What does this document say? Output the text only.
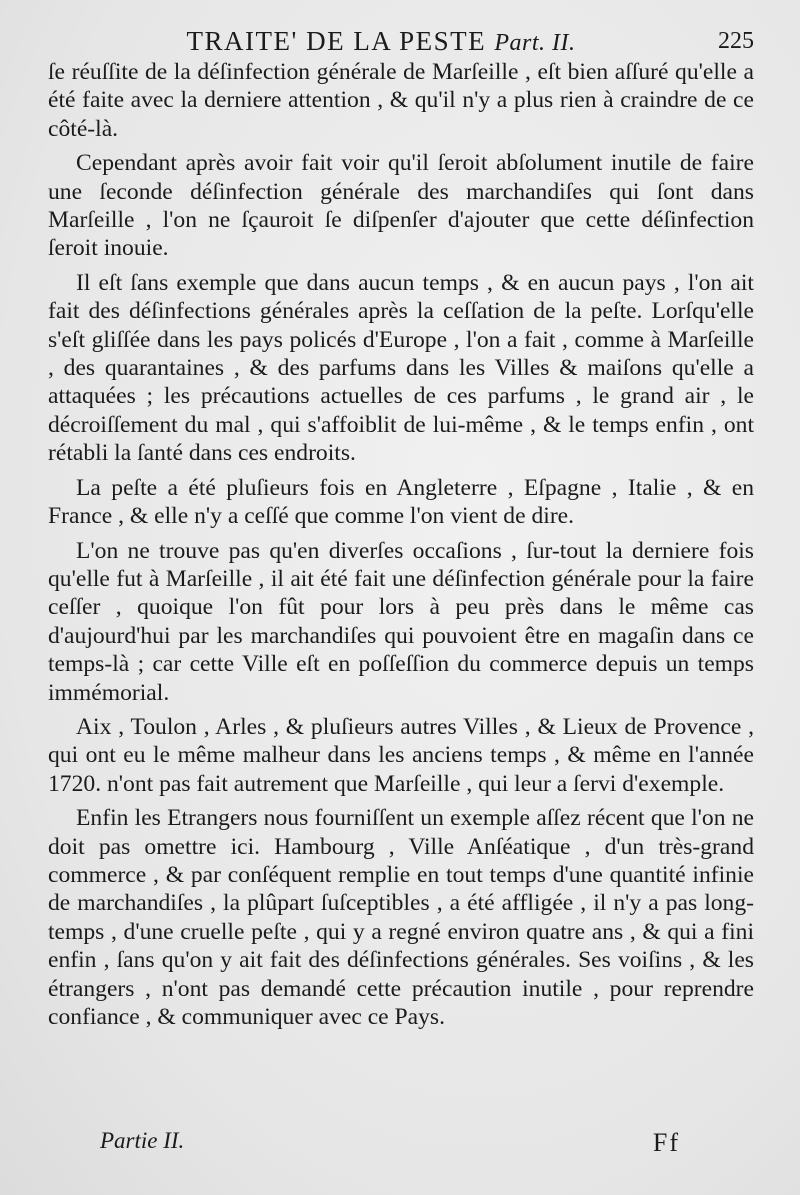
TRAITE' DE LA PESTE Part. II.	225

ſe réuſſite de la déſinfection générale de Marſeille , eſt bien aſſuré qu'elle a été faite avec la derniere attention , & qu'il n'y a plus rien à craindre de ce côté-là.

Cependant après avoir fait voir qu'il ſeroit abſolument inutile de faire une ſeconde déſinfection générale des marchandiſes qui ſont dans Marſeille , l'on ne ſçauroit ſe diſpenſer d'ajouter que cette déſinfection ſeroit inouie.

Il eſt ſans exemple que dans aucun temps , & en aucun pays , l'on ait fait des déſinfections générales après la ceſſation de la peſte. Lorſqu'elle s'eſt gliſſée dans les pays policés d'Europe , l'on a fait , comme à Marſeille , des quarantaines , & des parfums dans les Villes & maiſons qu'elle a attaquées ; les précautions actuelles de ces parfums , le grand air , le décroiſſement du mal , qui s'affoiblit de lui-même , & le temps enfin , ont rétabli la ſanté dans ces endroits.

La peſte a été pluſieurs fois en Angleterre , Eſpagne , Italie , & en France , & elle n'y a ceſſé que comme l'on vient de dire.

L'on ne trouve pas qu'en diverſes occaſions , ſur-tout la derniere fois qu'elle fut à Marſeille , il ait été fait une déſinfection générale pour la faire ceſſer , quoique l'on fût pour lors à peu près dans le même cas d'aujourd'hui par les marchandiſes qui pouvoient être en magaſin dans ce temps-là ; car cette Ville eſt en poſſeſſion du commerce depuis un temps immémorial.

Aix , Toulon , Arles , & pluſieurs autres Villes , & Lieux de Provence , qui ont eu le même malheur dans les anciens temps , & même en l'année 1720. n'ont pas fait autrement que Marſeille , qui leur a ſervi d'exemple.

Enfin les Etrangers nous fourniſſent un exemple aſſez récent que l'on ne doit pas omettre ici. Hambourg , Ville Anſéatique , d'un très-grand commerce , & par conſéquent remplie en tout temps d'une quantité infinie de marchandiſes , la plûpart ſuſceptibles , a été affligée , il n'y a pas long-temps , d'une cruelle peſte , qui y a regné environ quatre ans , & qui a fini enfin , ſans qu'on y ait fait des déſinfections générales. Ses voiſins , & les étrangers , n'ont pas demandé cette précaution inutile , pour reprendre confiance , & communiquer avec ce Pays.

Partie II.	Ff
